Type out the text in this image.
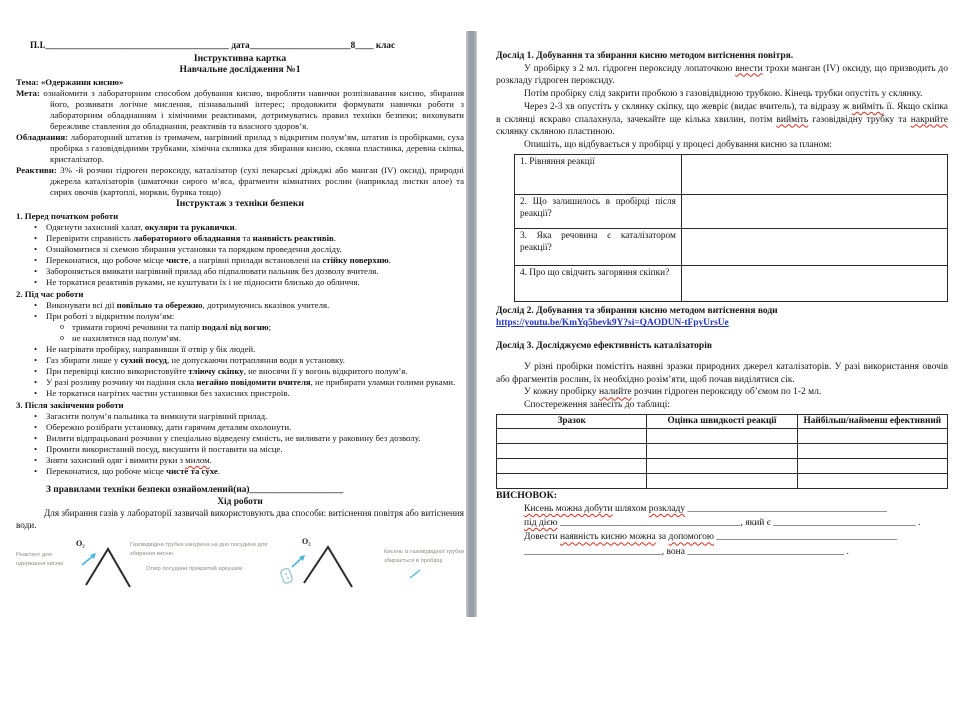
П.І.________________________________________ дата______________________8____ клас

Інструктивна картка

Навчальне дослідження №1

Тема: «Одержання кисню»

Мета: ознайомити з лабораторним способом добування кисню, виробляти навички розпізнавання кисню, збирання його, розвивати логічне мислення, пізнавальний інтерес; продовжити формувати навички роботи з лабораторним обладнанням і хімічними реактивами, дотримуватись правил техніки безпеки; виховувати бережливе ставлення до обладнання, реактивів та власного здоров’я.

Обладнання: лабораторний штатив із тримачем, нагрівний прилад з відкритим полум’ям, штатив із пробірками, суха пробірка з газовідвідними трубками, хімічна склянка для збирання кисню, скляна пластинка, деревна скіпка, кристалізатор.

Реактиви: 3% -й розчин гідроген пероксиду, каталізатор (сухі пекарські дріжджі або манган (IV) оксид), природні джерела каталізаторів (шматочки сирого м’яса, фрагменти кімнатних рослин (наприклад листки алое) та сирих овочів (картоплі, моркви, буряка тощо)

Інструктаж з техніки безпеки

1. Перед початком роботи

• Одягнути захисний халат, окуляри та рукавички.
• Перевірити справність лабораторного обладнання та наявність реактивів.
• Ознайомитися зі схемою збирання установки та порядком проведення досліду.
• Переконатися, що робоче місце чисте, а нагрівні прилади встановлені на стійку поверхню.
• Забороняється вмикати нагрівний прилад або підпалювати пальник без дозволу вчителя.
• Не торкатися реактивів руками, не куштувати їх і не підносити близько до обличчя.

2. Під час роботи

• Виконувати всі дії повільно та обережно, дотримуючись вказівок учителя.
• При роботі з відкритим полум’ям:
o тримати горючі речовини та папір подалі від вогню;
o не нахилятися над полум’ям.
• Не нагрівати пробірку, направивши її отвір у бік людей.
• Газ збирати лише у сухий посуд, не допускаючи потрапляння води в установку.
• При перевірці кисню використовуйте тліючу скіпку, не вносячи її у вогонь відкритого полум’я.
• У разі розливу розчину чи падіння скла негайно повідомити вчителя, не прибирати уламки голими руками.
• Не торкатися нагрітих частин установки без захисних пристроїв.

3. Після закінчення роботи

• Загасити полум’я пальника та вимкнути нагрівний прилад.
• Обережно розібрати установку, дати гарячим деталям охолонути.
• Вилити відпрацьовані розчини у спеціально відведену ємність, не виливати у раковину без дозволу.
• Промити використаний посуд, висушити й поставити на місце.
• Зняти захисний одяг і вимити руки з милом.
• Переконатися, що робоче місце чисте та сухе.

З правилами техніки безпеки ознайомлений(на)____________________

Хід роботи

Для збирання газів у лабораторії зазвичай використовують два способи: витіснення повітря або витіснення води.

Реактант для одержання кисню
O₂	Газовідвідна трубка занурена на дно посудини для збирання кисню
Отвір посудини прикритий аркушем
O₂
Кисень із газовідвідної трубки збирається в пробірці

Дослід 1. Добування та збирання кисню методом витіснення повітря.

У пробірку з 2 мл. гідроген пероксиду лопаточкою внести трохи манган (IV) оксиду, що призводить до розкладу гідроген пероксиду.

Потім пробірку слід закрити пробкою з газовідвідною трубкою. Кінець трубки опустіть у склянку.

Через 2-3 хв опустіть у склянку скіпку, що жевріє (видає вчитель), та відразу ж вийміть її. Якщо скіпка в склянці яскраво спалахнула, зачекайте ще кілька хвилин, потім вийміть газовідвідну трубку та накрийте склянку скляною пластиною.

Опишіть, що відбувається у пробірці у процесі добування кисню за планом:

1. Рівняння реакції	
2. Що залишилось в пробірці після реакції?	
3. Яка речовина є каталізатором реакції?	
4. Про що свідчить загоряння скіпки?	

Дослід 2. Добування та збирання кисню методом витіснення води

https://youtu.be/KmYq5bevk9Y?si=QAODUN-tFpyUrsUe

Дослід 3. Досліджуємо ефективність каталізаторів

У різні пробірки помістіть наявні зразки природних джерел каталізаторів. У разі використання овочів або фрагментів рослин, їх необхідно розім’яти, щоб почав виділятися сік.

У кожну пробірку налийте розчин гідроген пероксиду об’ємом по 1-2 мл.

Спостереження занесіть до таблиці:

Зразок	Оцінка швидкості реакції	Найбільш/найменш ефективний

ВИСНОВОК:

Кисень можна добути шляхом розкладу __________________________________________

під дією ______________________________________, який є ______________________________ .

Довести наявність кисню можна за допомогою ______________________________________

_____________________________, вона _________________________________ .
